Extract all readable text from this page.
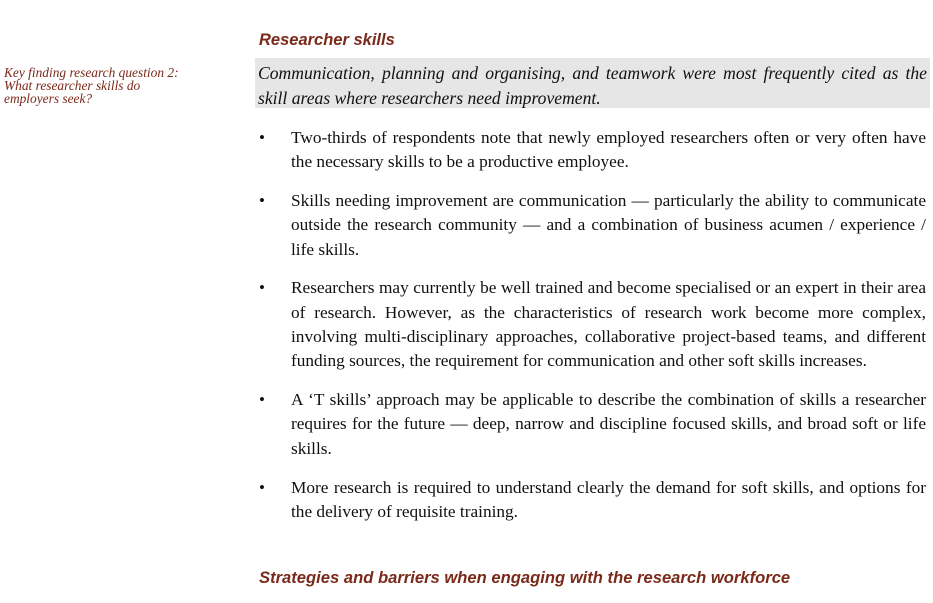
Key finding research question 2:
What researcher skills do
employers seek?

Researcher skills

Communication, planning and organising, and teamwork were most frequently cited as the skill areas where researchers need improvement.

• Two-thirds of respondents note that newly employed researchers often or very often have the necessary skills to be a productive employee.
• Skills needing improvement are communication — particularly the ability to communicate outside the research community — and a combination of business acumen / experience / life skills.
• Researchers may currently be well trained and become specialised or an expert in their area of research. However, as the characteristics of research work become more complex, involving multi-disciplinary approaches, collaborative project-based teams, and different funding sources, the requirement for communication and other soft skills increases.
• A ‘T skills’ approach may be applicable to describe the combination of skills a researcher requires for the future — deep, narrow and discipline focused skills, and broad soft or life skills.
• More research is required to understand clearly the demand for soft skills, and options for the delivery of requisite training.
Strategies and barriers when engaging with the research workforce
